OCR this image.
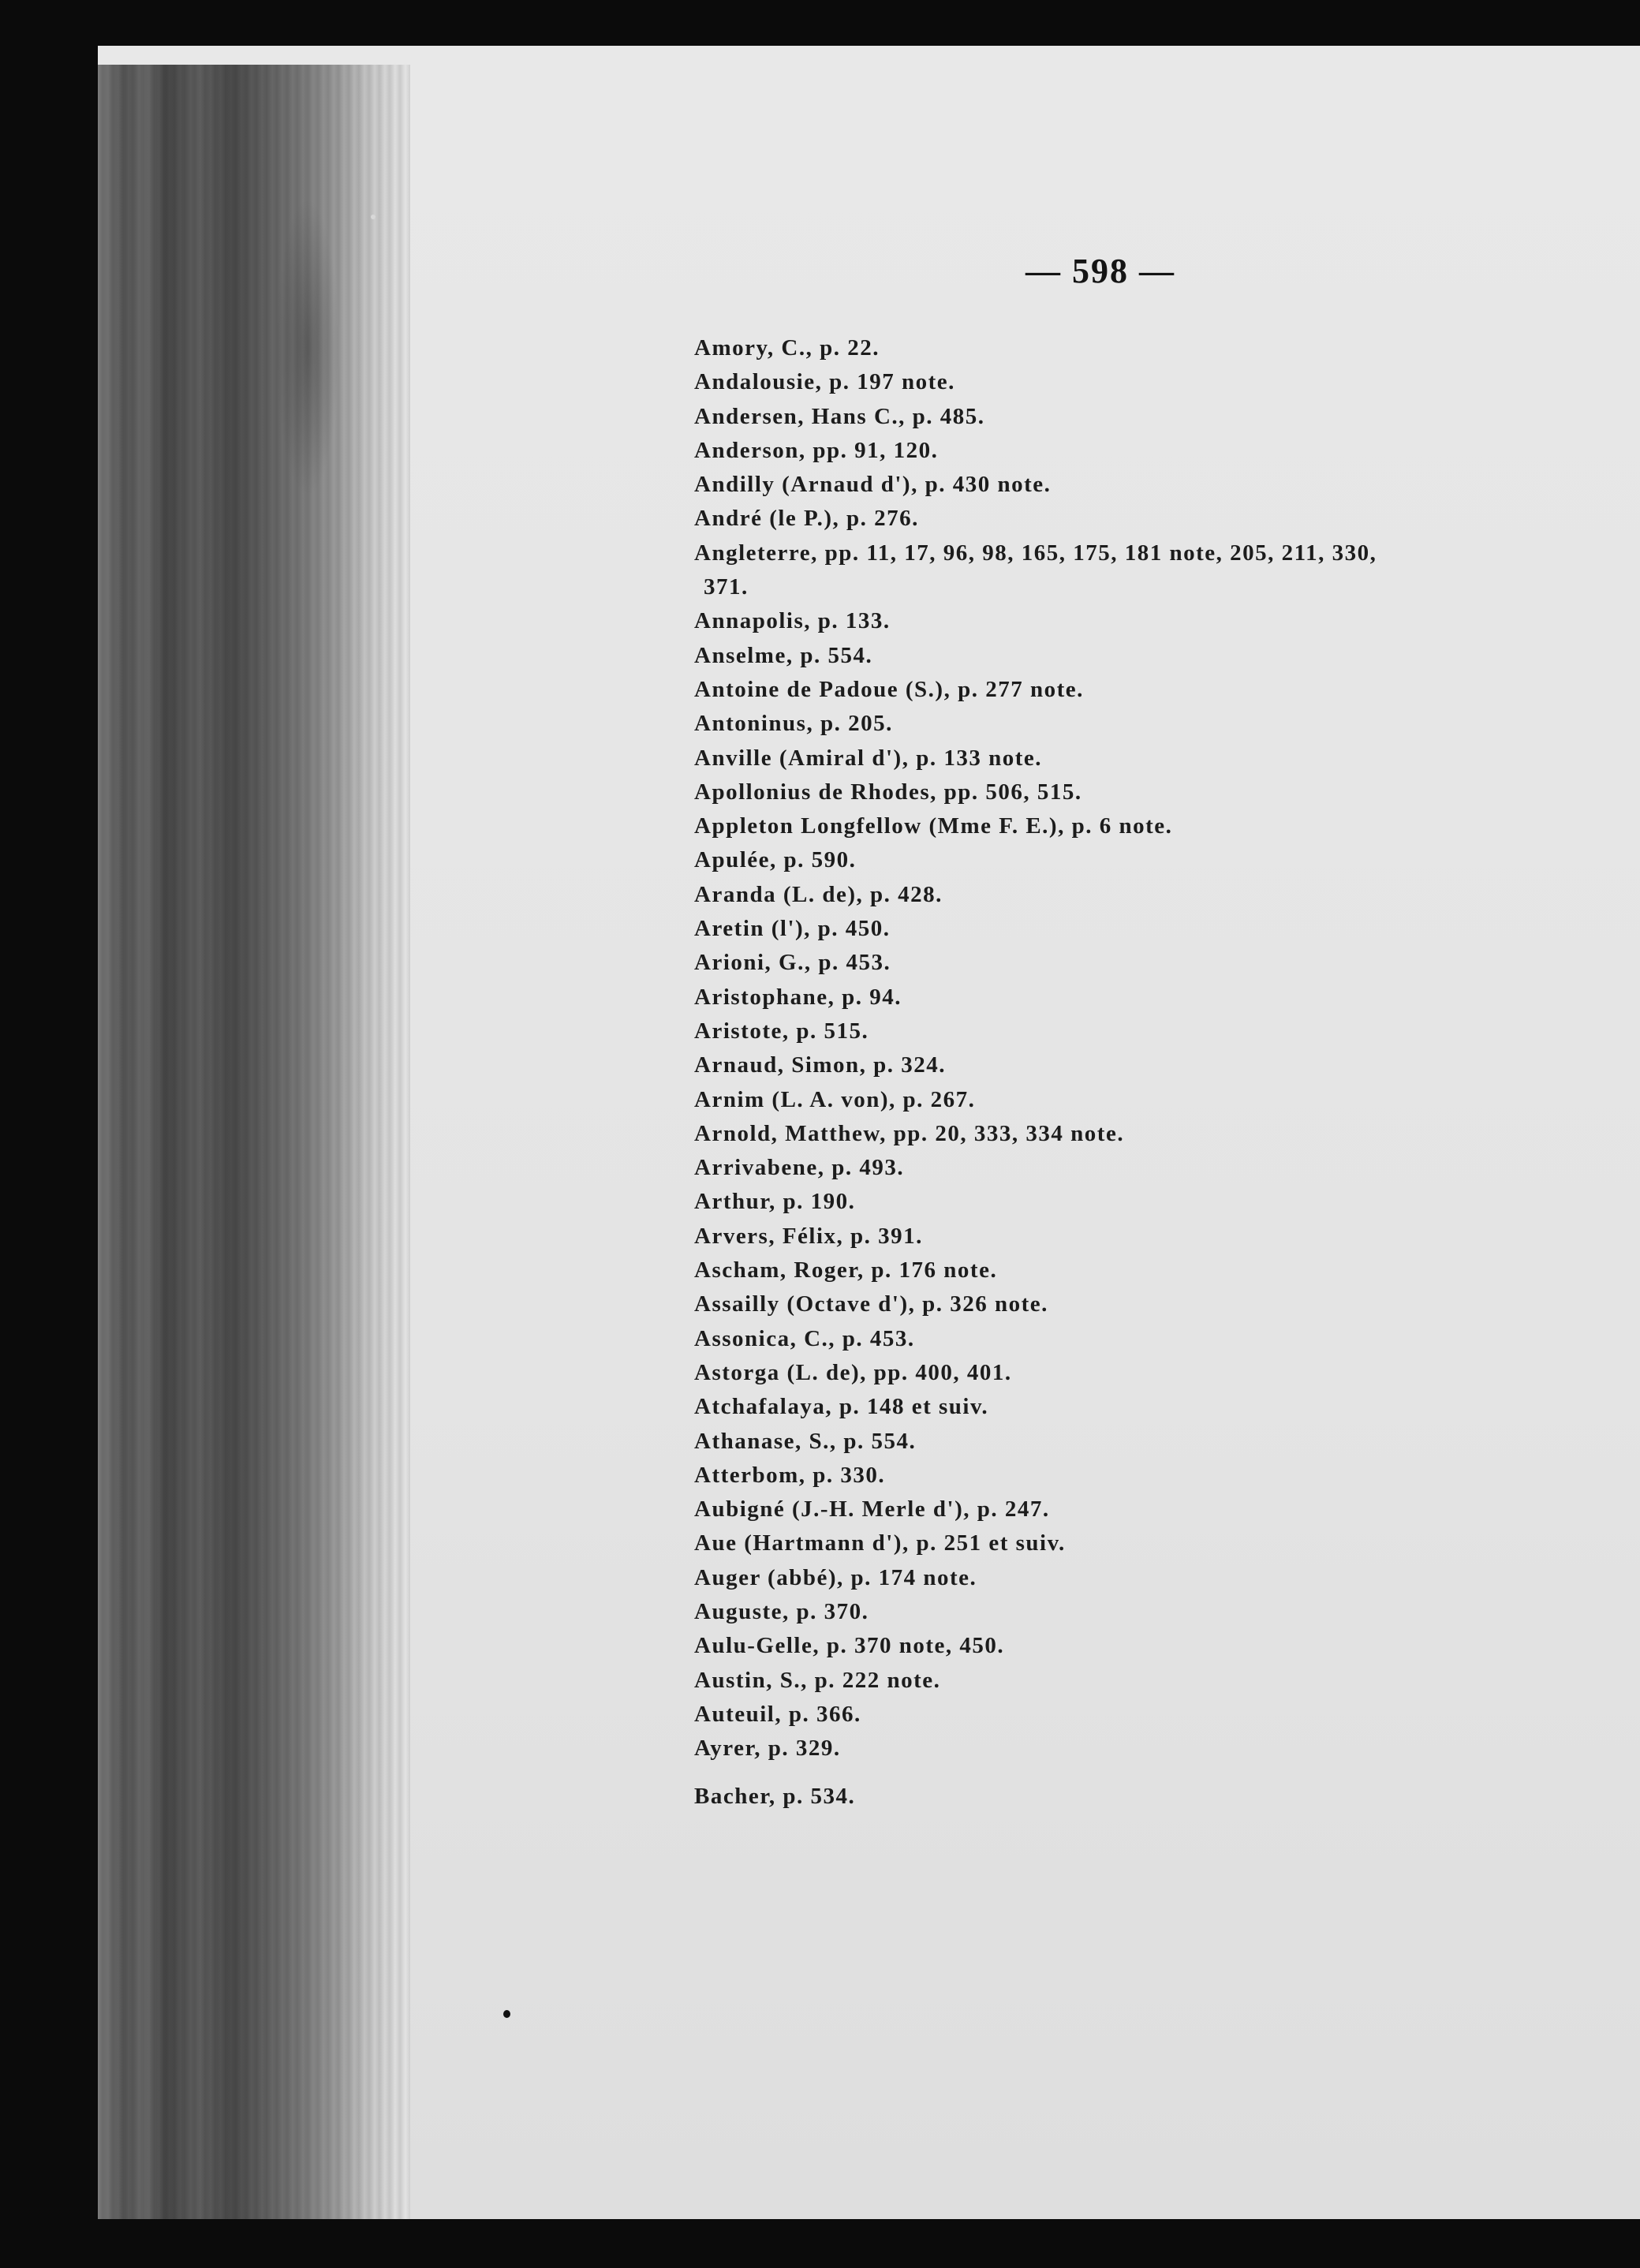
— 598 —
Amory, C., p. 22.
Andalousie, p. 197 note.
Andersen, Hans C., p. 485.
Anderson, pp. 91, 120.
Andilly (Arnaud d'), p. 430 note.
André (le P.), p. 276.
Angleterre, pp. 11, 17, 96, 98, 165, 175, 181 note, 205, 211, 330,
371.
Annapolis, p. 133.
Anselme, p. 554.
Antoine de Padoue (S.), p. 277 note.
Antoninus, p. 205.
Anville (Amiral d'), p. 133 note.
Apollonius de Rhodes, pp. 506, 515.
Appleton Longfellow (Mme F. E.), p. 6 note.
Apulée, p. 590.
Aranda (L. de), p. 428.
Aretin (l'), p. 450.
Arioni, G., p. 453.
Aristophane, p. 94.
Aristote, p. 515.
Arnaud, Simon, p. 324.
Arnim (L. A. von), p. 267.
Arnold, Matthew, pp. 20, 333, 334 note.
Arrivabene, p. 493.
Arthur, p. 190.
Arvers, Félix, p. 391.
Ascham, Roger, p. 176 note.
Assailly (Octave d'), p. 326 note.
Assonica, C., p. 453.
Astorga (L. de), pp. 400, 401.
Atchafalaya, p. 148 et suiv.
Athanase, S., p. 554.
Atterbom, p. 330.
Aubigné (J.-H. Merle d'), p. 247.
Aue (Hartmann d'), p. 251 et suiv.
Auger (abbé), p. 174 note.
Auguste, p. 370.
Aulu-Gelle, p. 370 note, 450.
Austin, S., p. 222 note.
Auteuil, p. 366.
Ayrer, p. 329.
Bacher, p. 534.
